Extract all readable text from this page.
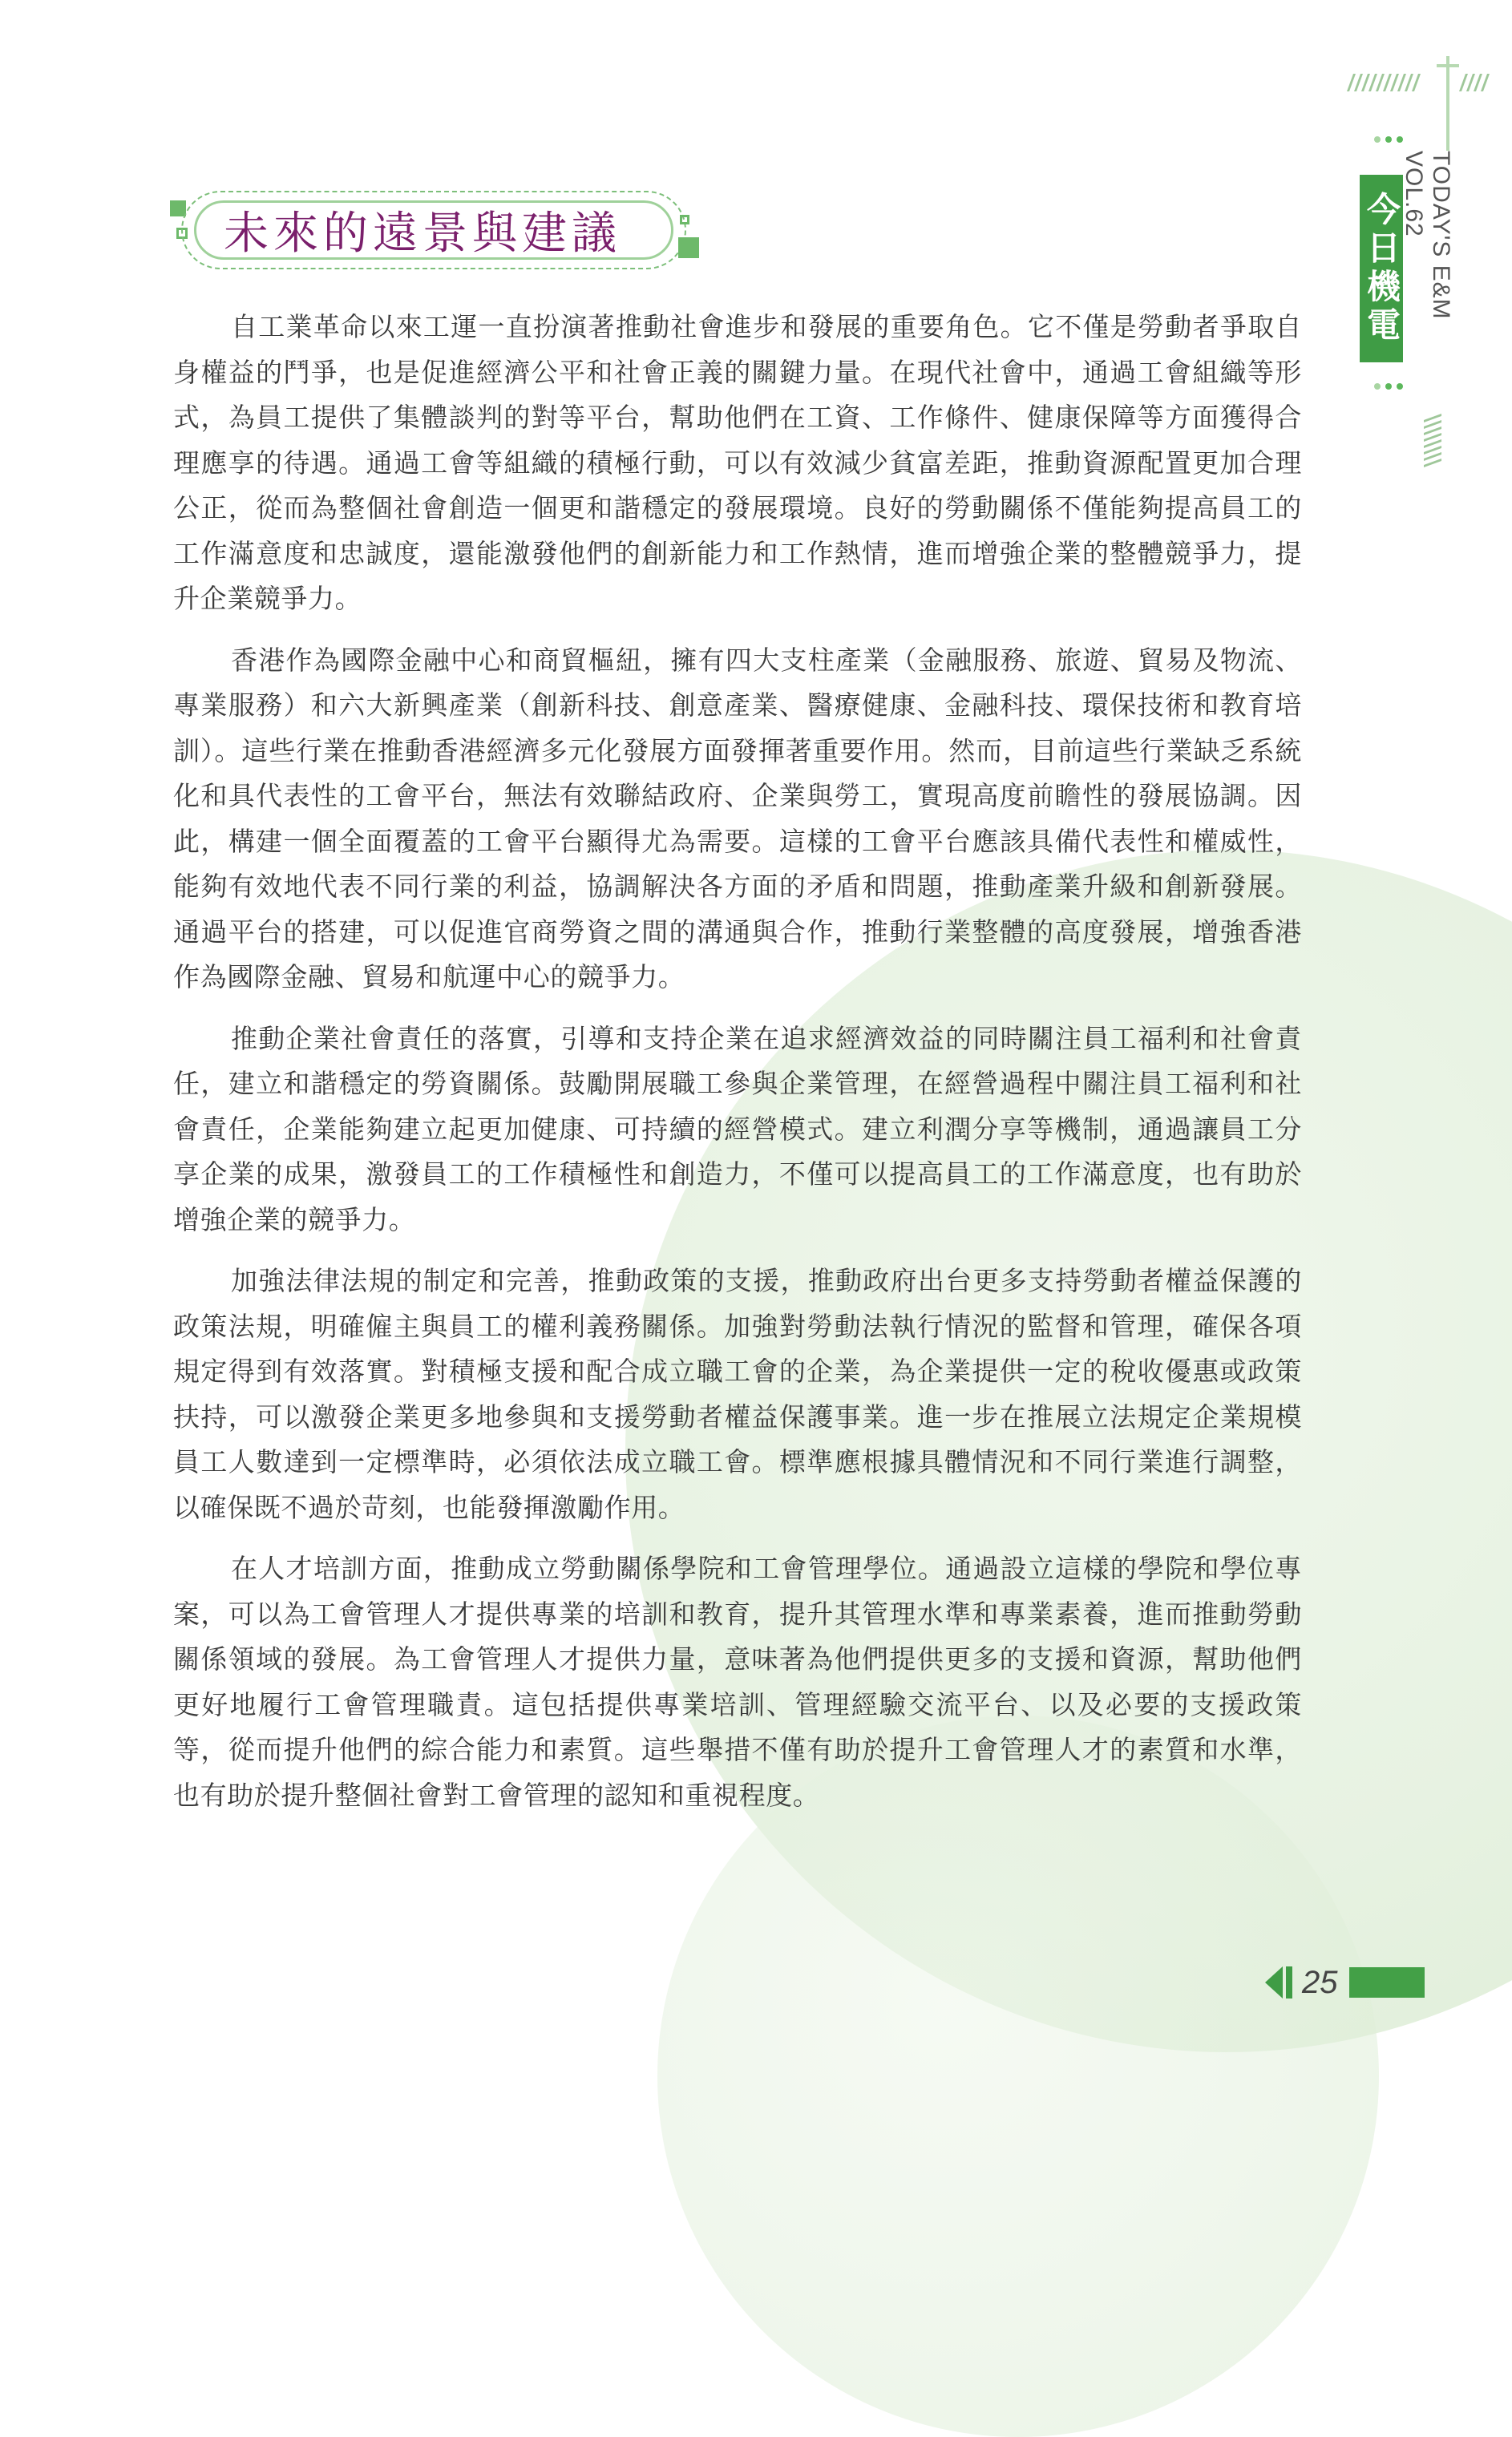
今日機電	TODAY'S E&M VOL.62
未來的遠景與建議

自工業革命以來工運一直扮演著推動社會進步和發展的重要角色。它不僅是勞動者爭取自身權益的鬥爭，也是促進經濟公平和社會正義的關鍵力量。在現代社會中，通過工會組織等形式，為員工提供了集體談判的對等平台，幫助他們在工資、工作條件、健康保障等方面獲得合理應享的待遇。通過工會等組織的積極行動，可以有效減少貧富差距，推動資源配置更加合理公正，從而為整個社會創造一個更和諧穩定的發展環境。良好的勞動關係不僅能夠提高員工的工作滿意度和忠誠度，還能激發他們的創新能力和工作熱情，進而增強企業的整體競爭力，提升企業競爭力。

香港作為國際金融中心和商貿樞紐，擁有四大支柱產業（金融服務、旅遊、貿易及物流、專業服務）和六大新興產業（創新科技、創意產業、醫療健康、金融科技、環保技術和教育培訓）。這些行業在推動香港經濟多元化發展方面發揮著重要作用。然而，目前這些行業缺乏系統化和具代表性的工會平台，無法有效聯結政府、企業與勞工，實現高度前瞻性的發展協調。因此，構建一個全面覆蓋的工會平台顯得尤為需要。這樣的工會平台應該具備代表性和權威性，能夠有效地代表不同行業的利益，協調解決各方面的矛盾和問題，推動產業升級和創新發展。通過平台的搭建，可以促進官商勞資之間的溝通與合作，推動行業整體的高度發展，增強香港作為國際金融、貿易和航運中心的競爭力。

推動企業社會責任的落實，引導和支持企業在追求經濟效益的同時關注員工福利和社會責任，建立和諧穩定的勞資關係。鼓勵開展職工參與企業管理，在經營過程中關注員工福利和社會責任，企業能夠建立起更加健康、可持續的經營模式。建立利潤分享等機制，通過讓員工分享企業的成果，激發員工的工作積極性和創造力，不僅可以提高員工的工作滿意度，也有助於增強企業的競爭力。

加強法律法規的制定和完善，推動政策的支援，推動政府出台更多支持勞動者權益保護的政策法規，明確僱主與員工的權利義務關係。加強對勞動法執行情況的監督和管理，確保各項規定得到有效落實。對積極支援和配合成立職工會的企業，為企業提供一定的稅收優惠或政策扶持，可以激發企業更多地參與和支援勞動者權益保護事業。進一步在推展立法規定企業規模員工人數達到一定標準時，必須依法成立職工會。標準應根據具體情況和不同行業進行調整，以確保既不過於苛刻，也能發揮激勵作用。

在人才培訓方面，推動成立勞動關係學院和工會管理學位。通過設立這樣的學院和學位專案，可以為工會管理人才提供專業的培訓和教育，提升其管理水準和專業素養，進而推動勞動關係領域的發展。為工會管理人才提供力量，意味著為他們提供更多的支援和資源，幫助他們更好地履行工會管理職責。這包括提供專業培訓、管理經驗交流平台、以及必要的支援政策等，從而提升他們的綜合能力和素質。這些舉措不僅有助於提升工會管理人才的素質和水準，也有助於提升整個社會對工會管理的認知和重視程度。

25
